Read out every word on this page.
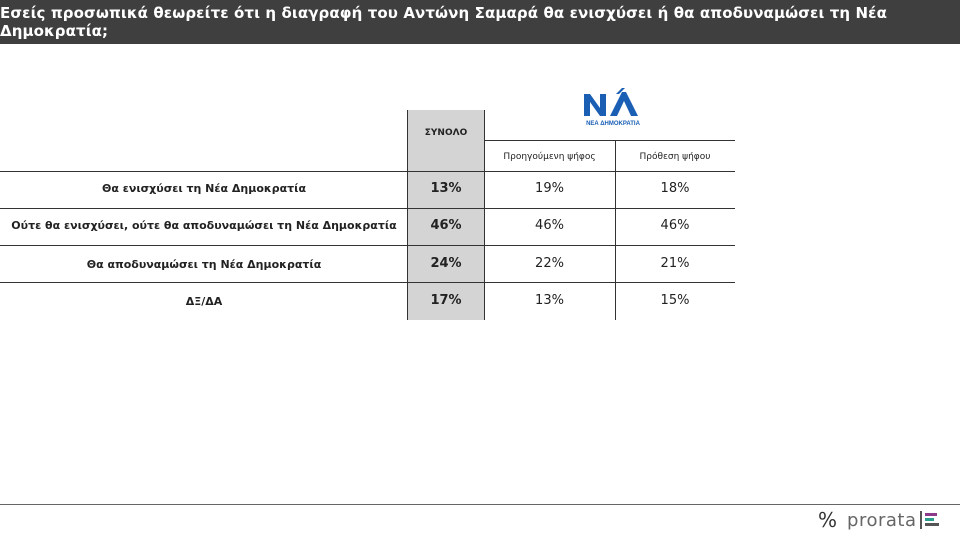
Εσείς προσωπικά θεωρείτε ότι η διαγραφή του Αντώνη Σαμαρά θα ενισχύσει ή θα αποδυναμώσει τη Νέα Δημοκρατία;
ΣΥΝΟΛΟ
ΝΕΑ ΔΗΜΟΚΡΑΤΙΑ
Προηγούμενη ψήφος	Πρόθεση ψήφου
Θα ενισχύσει τη Νέα Δημοκρατία	13%	19%	18%
Ούτε θα ενισχύσει, ούτε θα αποδυναμώσει τη Νέα Δημοκρατία	46%	46%	46%
Θα αποδυναμώσει τη Νέα Δημοκρατία	24%	22%	21%
ΔΞ/ΔΑ	17%	13%	15%
% prorata
